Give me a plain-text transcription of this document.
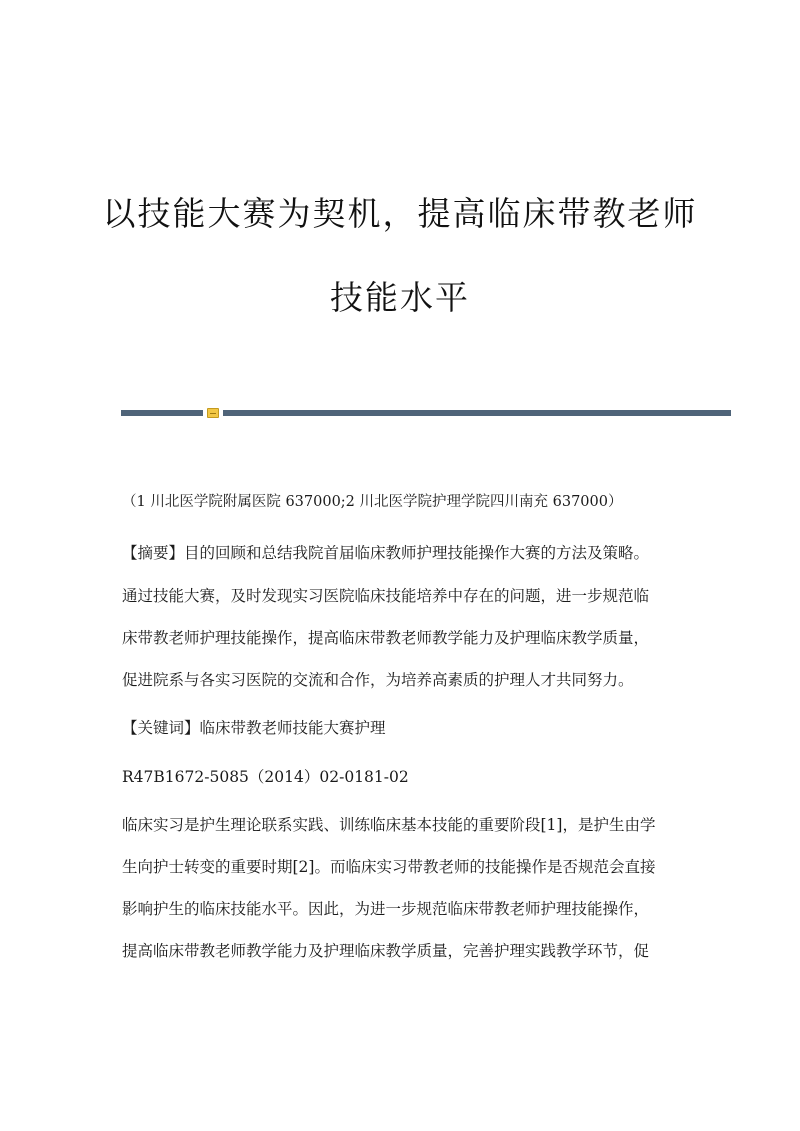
以技能大赛为契机，提高临床带教老师
技能水平
（1 川北医学院附属医院 637000;2 川北医学院护理学院四川南充 637000）
【摘要】目的回顾和总结我院首届临床教师护理技能操作大赛的方法及策略。
通过技能大赛，及时发现实习医院临床技能培养中存在的问题，进一步规范临
床带教老师护理技能操作，提高临床带教老师教学能力及护理临床教学质量，
促进院系与各实习医院的交流和合作，为培养高素质的护理人才共同努力。
【关键词】临床带教老师技能大赛护理
R47B1672-5085（2014）02-0181-02
临床实习是护生理论联系实践、训练临床基本技能的重要阶段[1]，是护生由学
生向护士转变的重要时期[2]。而临床实习带教老师的技能操作是否规范会直接
影响护生的临床技能水平。因此，为进一步规范临床带教老师护理技能操作，
提高临床带教老师教学能力及护理临床教学质量，完善护理实践教学环节，促
